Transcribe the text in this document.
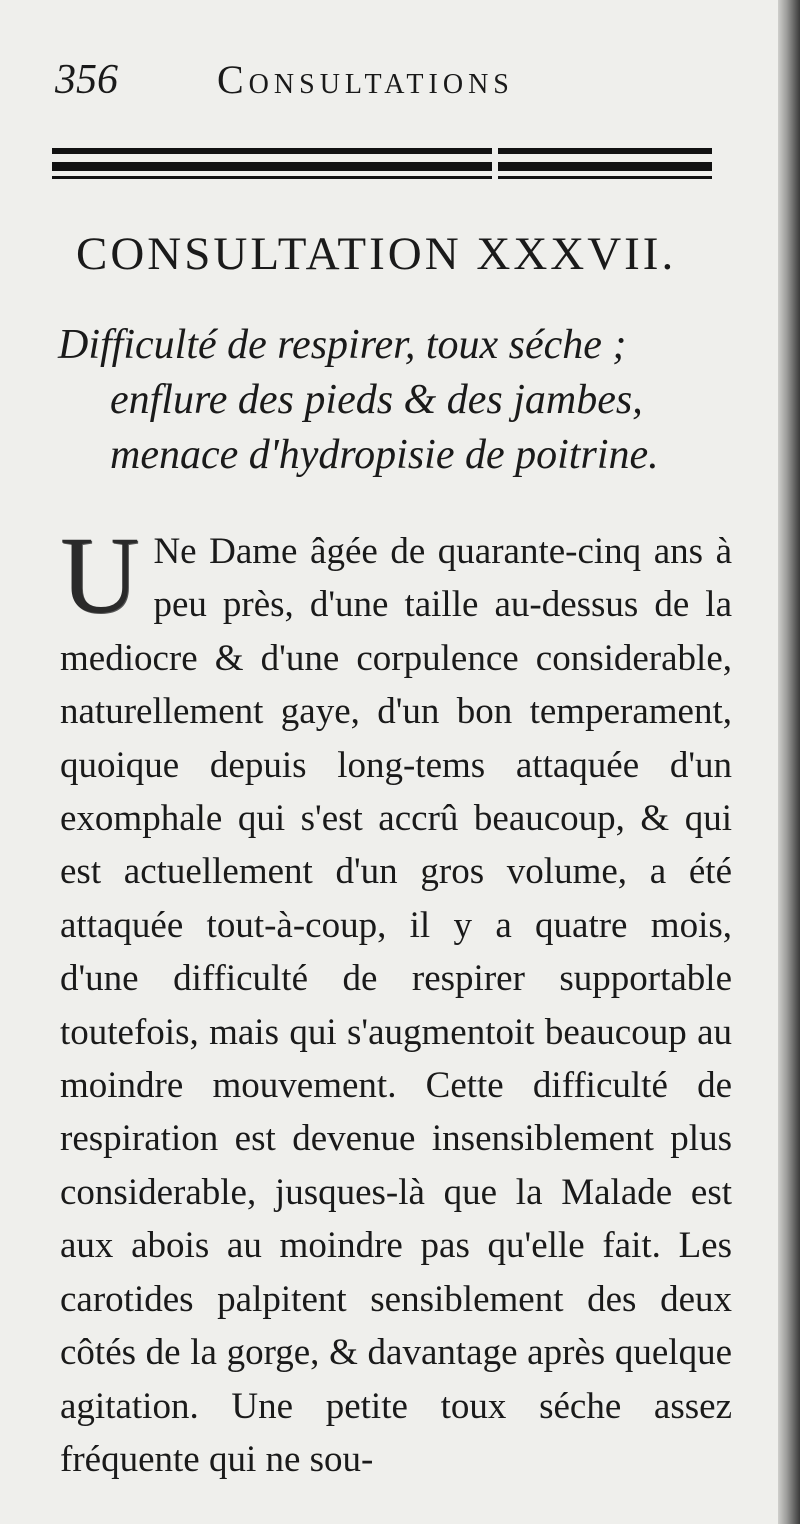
356 Consultations
CONSULTATION XXXVII.
Difficulté de respirer, toux séche ;
enflure des pieds & des jambes,
menace d'hydropisie de poitrine.
U Ne Dame âgée de quarante-cinq ans à peu près, d'une taille au-dessus de la mediocre & d'une corpulence considerable, naturellement gaye, d'un bon temperament, quoique depuis long-tems attaquée d'un exomphale qui s'est accrû beaucoup, & qui est actuellement d'un gros volume, a été attaquée tout-à-coup, il y a quatre mois, d'une difficulté de respirer supportable toutefois, mais qui s'augmentoit beaucoup au moindre mouvement. Cette difficulté de respiration est devenue insensiblement plus considerable, jusques-là que la Malade est aux abois au moindre pas qu'elle fait. Les carotides palpitent sensiblement des deux côtés de la gorge, & davantage après quelque agitation. Une petite toux séche assez fréquente qui ne sou-
